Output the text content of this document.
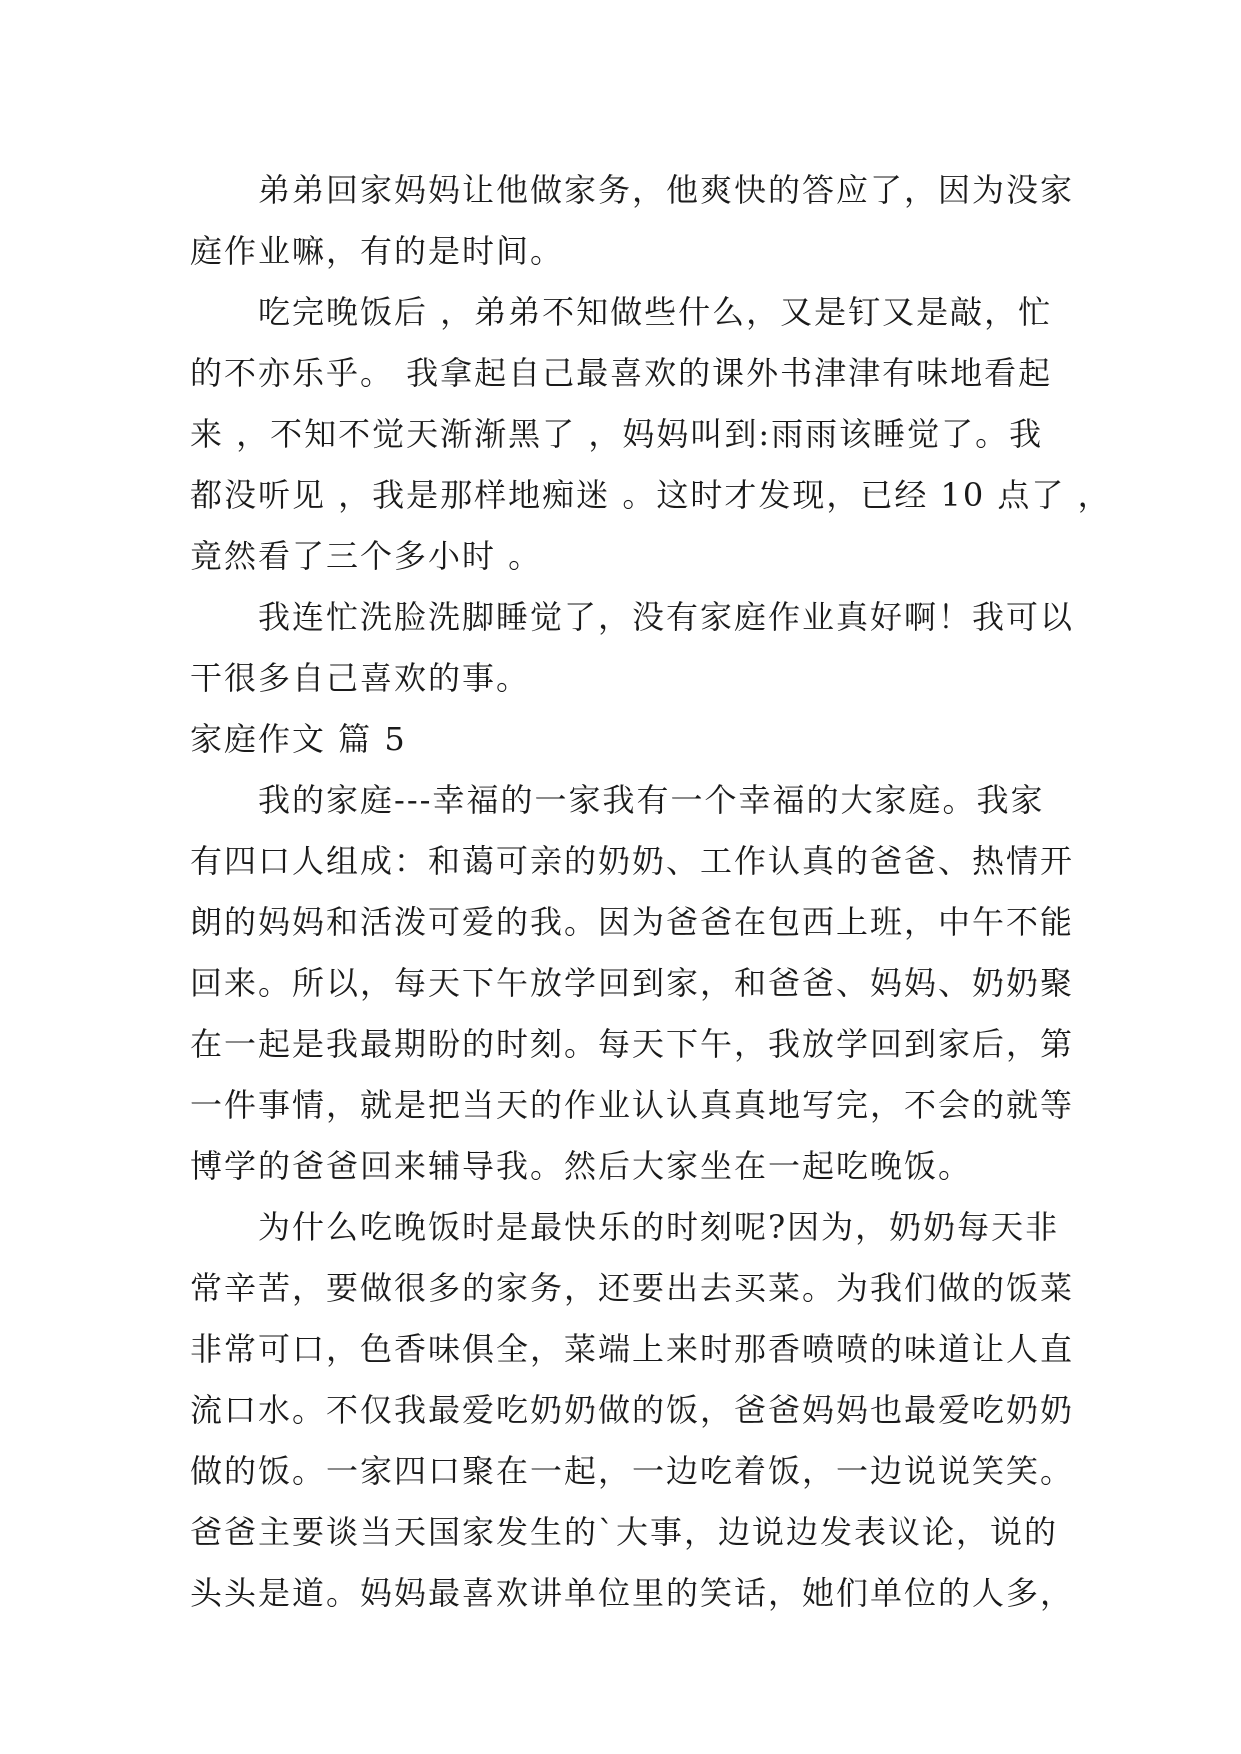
弟弟回家妈妈让他做家务，他爽快的答应了，因为没家
庭作业嘛，有的是时间。
吃完晚饭后 ，弟弟不知做些什么，又是钉又是敲，忙
的不亦乐乎。 我拿起自己最喜欢的课外书津津有味地看起
来 ，不知不觉天渐渐黑了 ，妈妈叫到:雨雨该睡觉了。我
都没听见 ，我是那样地痴迷 。这时才发现，已经 10 点了 ，
竟然看了三个多小时 。
我连忙洗脸洗脚睡觉了，没有家庭作业真好啊！我可以
干很多自己喜欢的事。
家庭作文 篇 5
我的家庭---幸福的一家我有一个幸福的大家庭。我家
有四口人组成：和蔼可亲的奶奶、工作认真的爸爸、热情开
朗的妈妈和活泼可爱的我。因为爸爸在包西上班，中午不能
回来。所以，每天下午放学回到家，和爸爸、妈妈、奶奶聚
在一起是我最期盼的时刻。每天下午，我放学回到家后，第
一件事情，就是把当天的作业认认真真地写完，不会的就等
博学的爸爸回来辅导我。然后大家坐在一起吃晚饭。
为什么吃晚饭时是最快乐的时刻呢?因为，奶奶每天非
常辛苦，要做很多的家务，还要出去买菜。为我们做的饭菜
非常可口，色香味俱全，菜端上来时那香喷喷的味道让人直
流口水。不仅我最爱吃奶奶做的饭，爸爸妈妈也最爱吃奶奶
做的饭。一家四口聚在一起，一边吃着饭，一边说说笑笑。
爸爸主要谈当天国家发生的`大事，边说边发表议论，说的
头头是道。妈妈最喜欢讲单位里的笑话，她们单位的人多，
